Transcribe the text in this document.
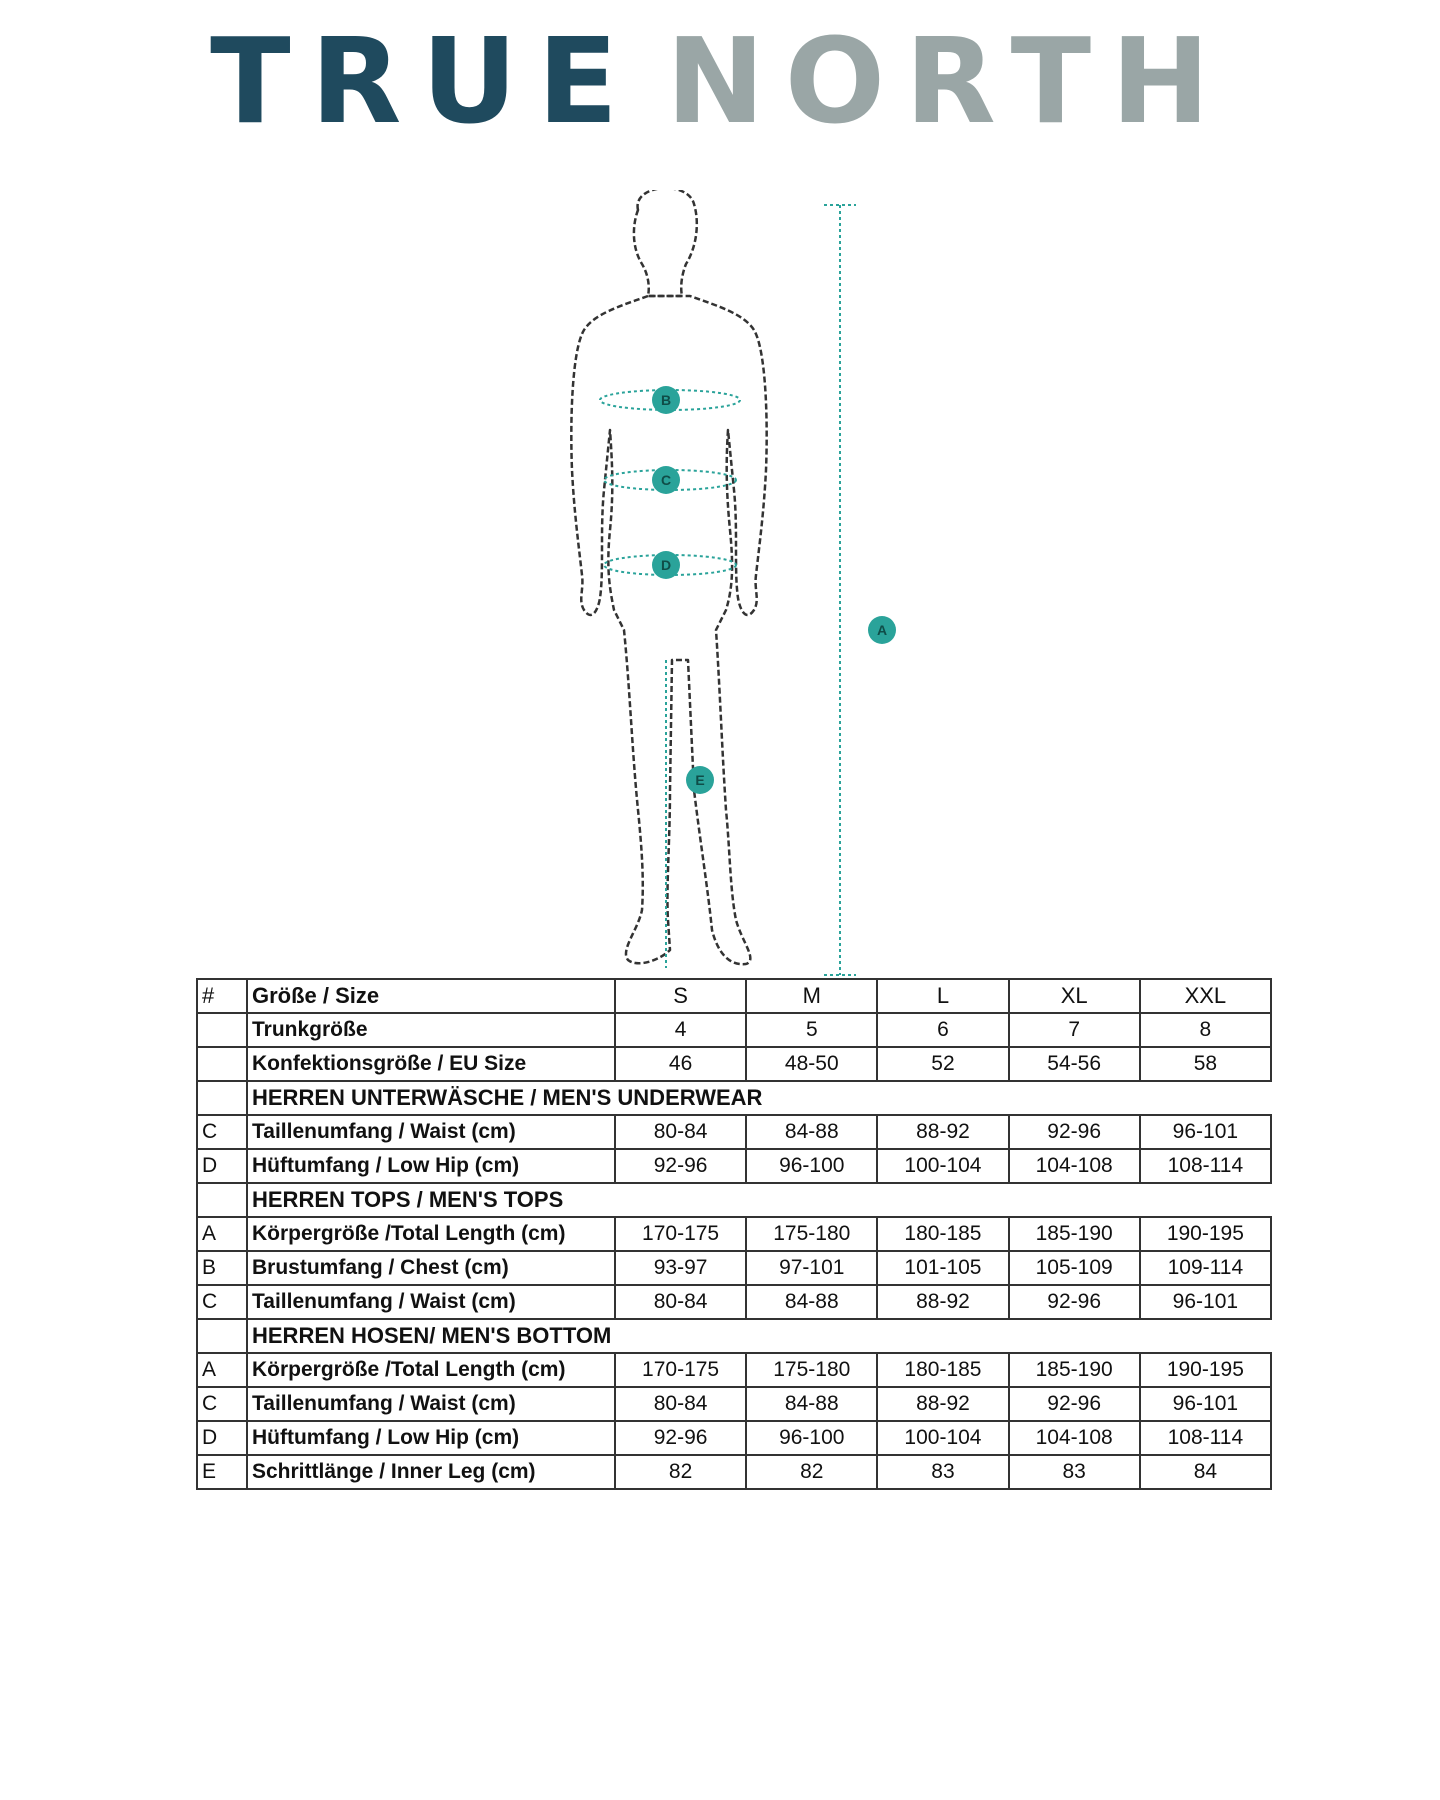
TRUE NORTH
B
C
D
E
A
#	Größe / Size	S	M	L	XL	XXL
	Trunkgröße	4	5	6	7	8
	Konfektionsgröße / EU Size	46	48-50	52	54-56	58
	HERREN UNTERWÄSCHE / MEN'S UNDERWEAR					
C	Taillenumfang / Waist (cm)	80-84	84-88	88-92	92-96	96-101
D	Hüftumfang / Low Hip (cm)	92-96	96-100	100-104	104-108	108-114
	HERREN TOPS / MEN'S TOPS					
A	Körpergröße /Total Length (cm)	170-175	175-180	180-185	185-190	190-195
B	Brustumfang / Chest (cm)	93-97	97-101	101-105	105-109	109-114
C	Taillenumfang / Waist (cm)	80-84	84-88	88-92	92-96	96-101
	HERREN HOSEN/ MEN'S BOTTOM					
A	Körpergröße /Total Length (cm)	170-175	175-180	180-185	185-190	190-195
C	Taillenumfang / Waist (cm)	80-84	84-88	88-92	92-96	96-101
D	Hüftumfang / Low Hip (cm)	92-96	96-100	100-104	104-108	108-114
E	Schrittlänge / Inner Leg (cm)	82	82	83	83	84
